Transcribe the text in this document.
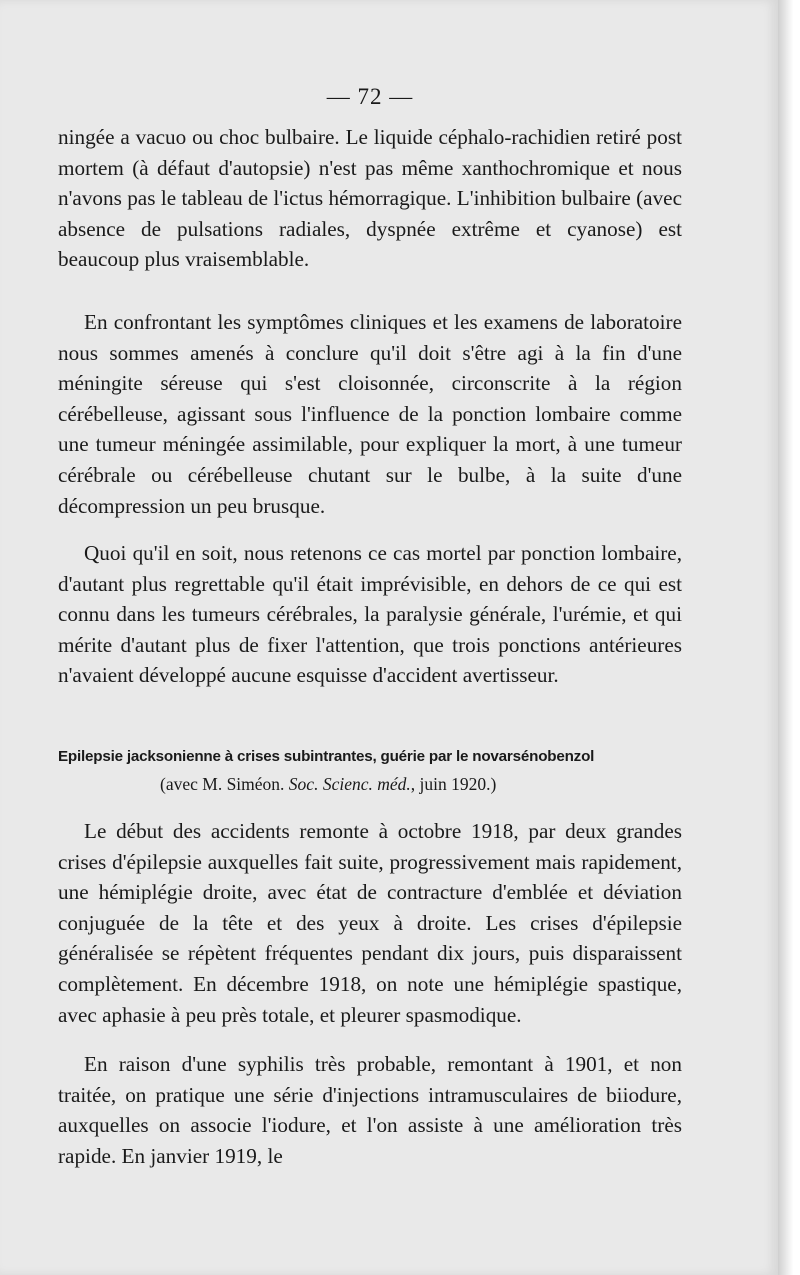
— 72 —

ningée a vacuo ou choc bulbaire. Le liquide céphalo-rachidien retiré post mortem (à défaut d'autopsie) n'est pas même xanthochromique et nous n'avons pas le tableau de l'ictus hémorragique. L'inhibition bulbaire (avec absence de pulsations radiales, dyspnée extrême et cyanose) est beaucoup plus vraisemblable.

En confrontant les symptômes cliniques et les examens de laboratoire nous sommes amenés à conclure qu'il doit s'être agi à la fin d'une méningite séreuse qui s'est cloisonnée, circonscrite à la région cérébelleuse, agissant sous l'influence de la ponction lombaire comme une tumeur méningée assimilable, pour expliquer la mort, à une tumeur cérébrale ou cérébelleuse chutant sur le bulbe, à la suite d'une décompression un peu brusque.

Quoi qu'il en soit, nous retenons ce cas mortel par ponction lombaire, d'autant plus regrettable qu'il était imprévisible, en dehors de ce qui est connu dans les tumeurs cérébrales, la paralysie générale, l'urémie, et qui mérite d'autant plus de fixer l'attention, que trois ponctions antérieures n'avaient développé aucune esquisse d'accident avertisseur.

Epilepsie jacksonienne à crises subintrantes, guérie par le novarsénobenzol
(avec M. Siméon. Soc. Scienc. méd., juin 1920.)

Le début des accidents remonte à octobre 1918, par deux grandes crises d'épilepsie auxquelles fait suite, progressivement mais rapidement, une hémiplégie droite, avec état de contracture d'emblée et déviation conjuguée de la tête et des yeux à droite. Les crises d'épilepsie généralisée se répètent fréquentes pendant dix jours, puis disparaissent complètement. En décembre 1918, on note une hémiplégie spastique, avec aphasie à peu près totale, et pleurer spasmodique.

En raison d'une syphilis très probable, remontant à 1901, et non traitée, on pratique une série d'injections intramusculaires de biiodure, auxquelles on associe l'iodure, et l'on assiste à une amélioration très rapide. En janvier 1919, le
